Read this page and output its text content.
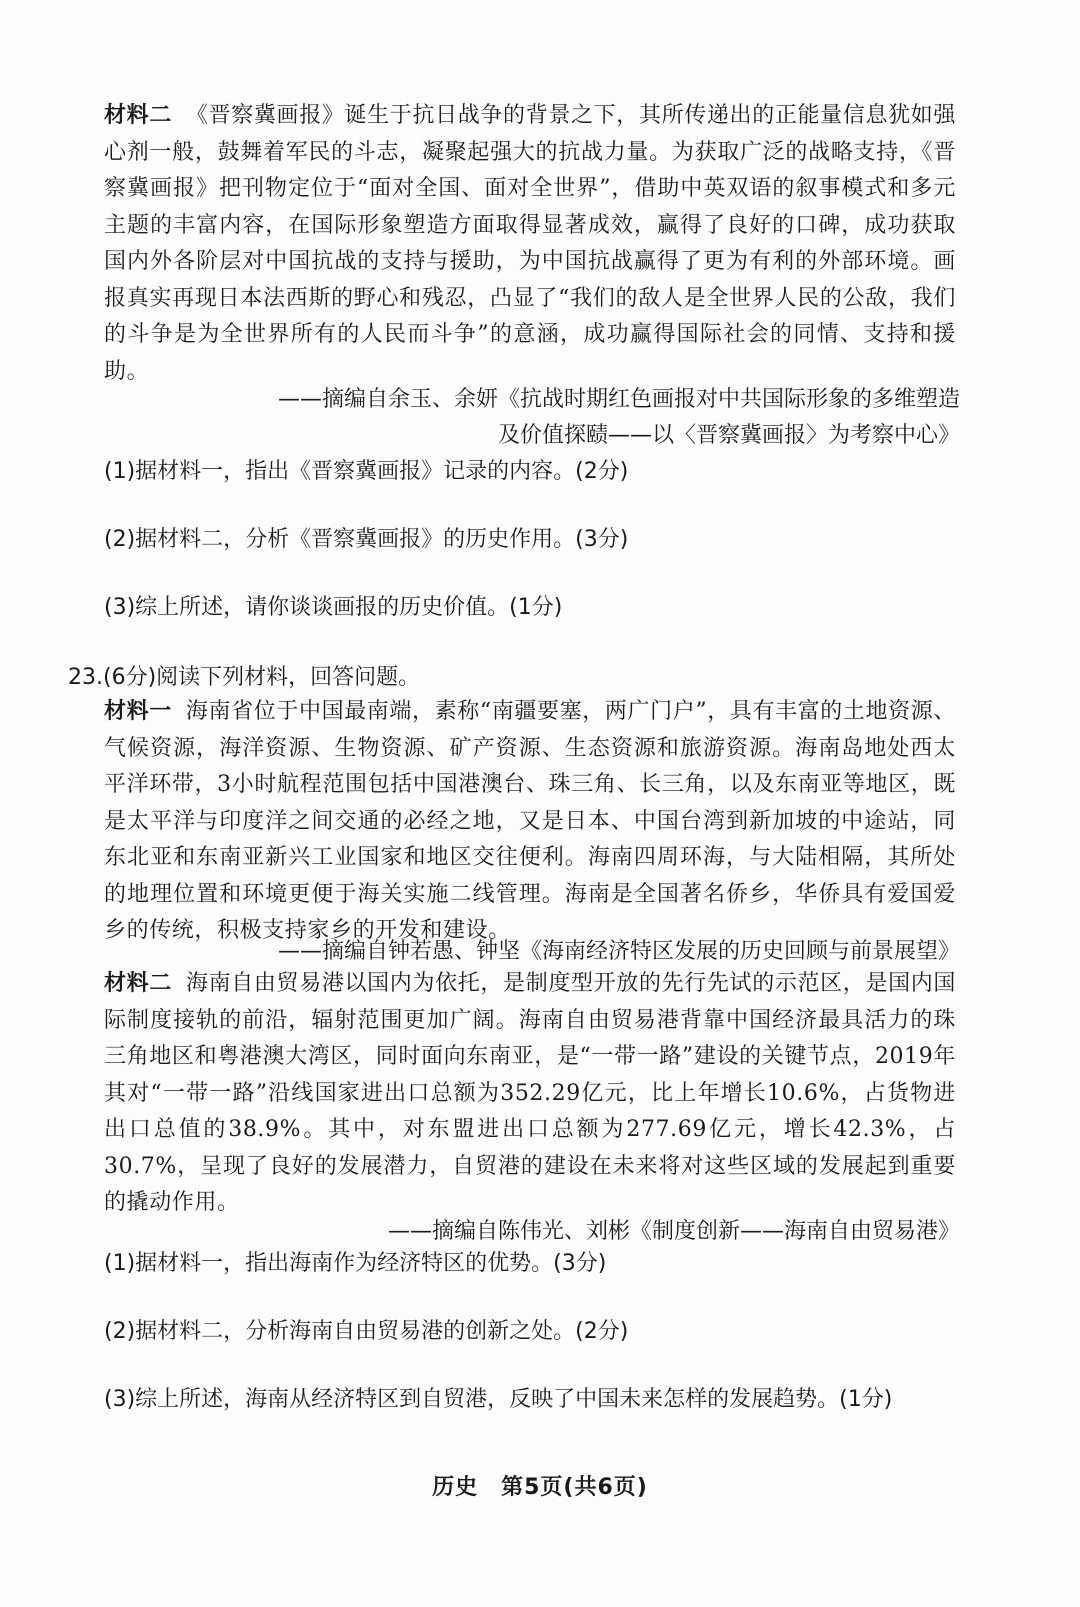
材料二 《晋察冀画报》诞生于抗日战争的背景之下，其所传递出的正能量信息犹如强心剂一般，鼓舞着军民的斗志，凝聚起强大的抗战力量。为获取广泛的战略支持，《晋察冀画报》把刊物定位于“面对全国、面对全世界”，借助中英双语的叙事模式和多元主题的丰富内容，在国际形象塑造方面取得显著成效，赢得了良好的口碑，成功获取国内外各阶层对中国抗战的支持与援助，为中国抗战赢得了更为有利的外部环境。画报真实再现日本法西斯的野心和残忍，凸显了“我们的敌人是全世界人民的公敌，我们的斗争是为全世界所有的人民而斗争”的意涵，成功赢得国际社会的同情、支持和援助。
——摘编自余玉、余妍《抗战时期红色画报对中共国际形象的多维塑造
及价值探赜——以〈晋察冀画报〉为考察中心》
(1)据材料一，指出《晋察冀画报》记录的内容。(2分)
(2)据材料二，分析《晋察冀画报》的历史作用。(3分)
(3)综上所述，请你谈谈画报的历史价值。(1分)
23.(6分)阅读下列材料，回答问题。
材料一 海南省位于中国最南端，素称“南疆要塞，两广门户”，具有丰富的土地资源、气候资源，海洋资源、生物资源、矿产资源、生态资源和旅游资源。海南岛地处西太平洋环带，3小时航程范围包括中国港澳台、珠三角、长三角，以及东南亚等地区，既是太平洋与印度洋之间交通的必经之地，又是日本、中国台湾到新加坡的中途站，同东北亚和东南亚新兴工业国家和地区交往便利。海南四周环海，与大陆相隔，其所处的地理位置和环境更便于海关实施二线管理。海南是全国著名侨乡，华侨具有爱国爱乡的传统，积极支持家乡的开发和建设。
——摘编自钟若愚、钟坚《海南经济特区发展的历史回顾与前景展望》
材料二 海南自由贸易港以国内为依托，是制度型开放的先行先试的示范区，是国内国际制度接轨的前沿，辐射范围更加广阔。海南自由贸易港背靠中国经济最具活力的珠三角地区和粤港澳大湾区，同时面向东南亚，是“一带一路”建设的关键节点，2019年其对“一带一路”沿线国家进出口总额为352.29亿元，比上年增长10.6%，占货物进出口总值的38.9%。其中，对东盟进出口总额为277.69亿元，增长42.3%，占30.7%，呈现了良好的发展潜力，自贸港的建设在未来将对这些区域的发展起到重要的撬动作用。
——摘编自陈伟光、刘彬《制度创新——海南自由贸易港》
(1)据材料一，指出海南作为经济特区的优势。(3分)
(2)据材料二，分析海南自由贸易港的创新之处。(2分)
(3)综上所述，海南从经济特区到自贸港，反映了中国未来怎样的发展趋势。(1分)
历史　第5页(共6页)
